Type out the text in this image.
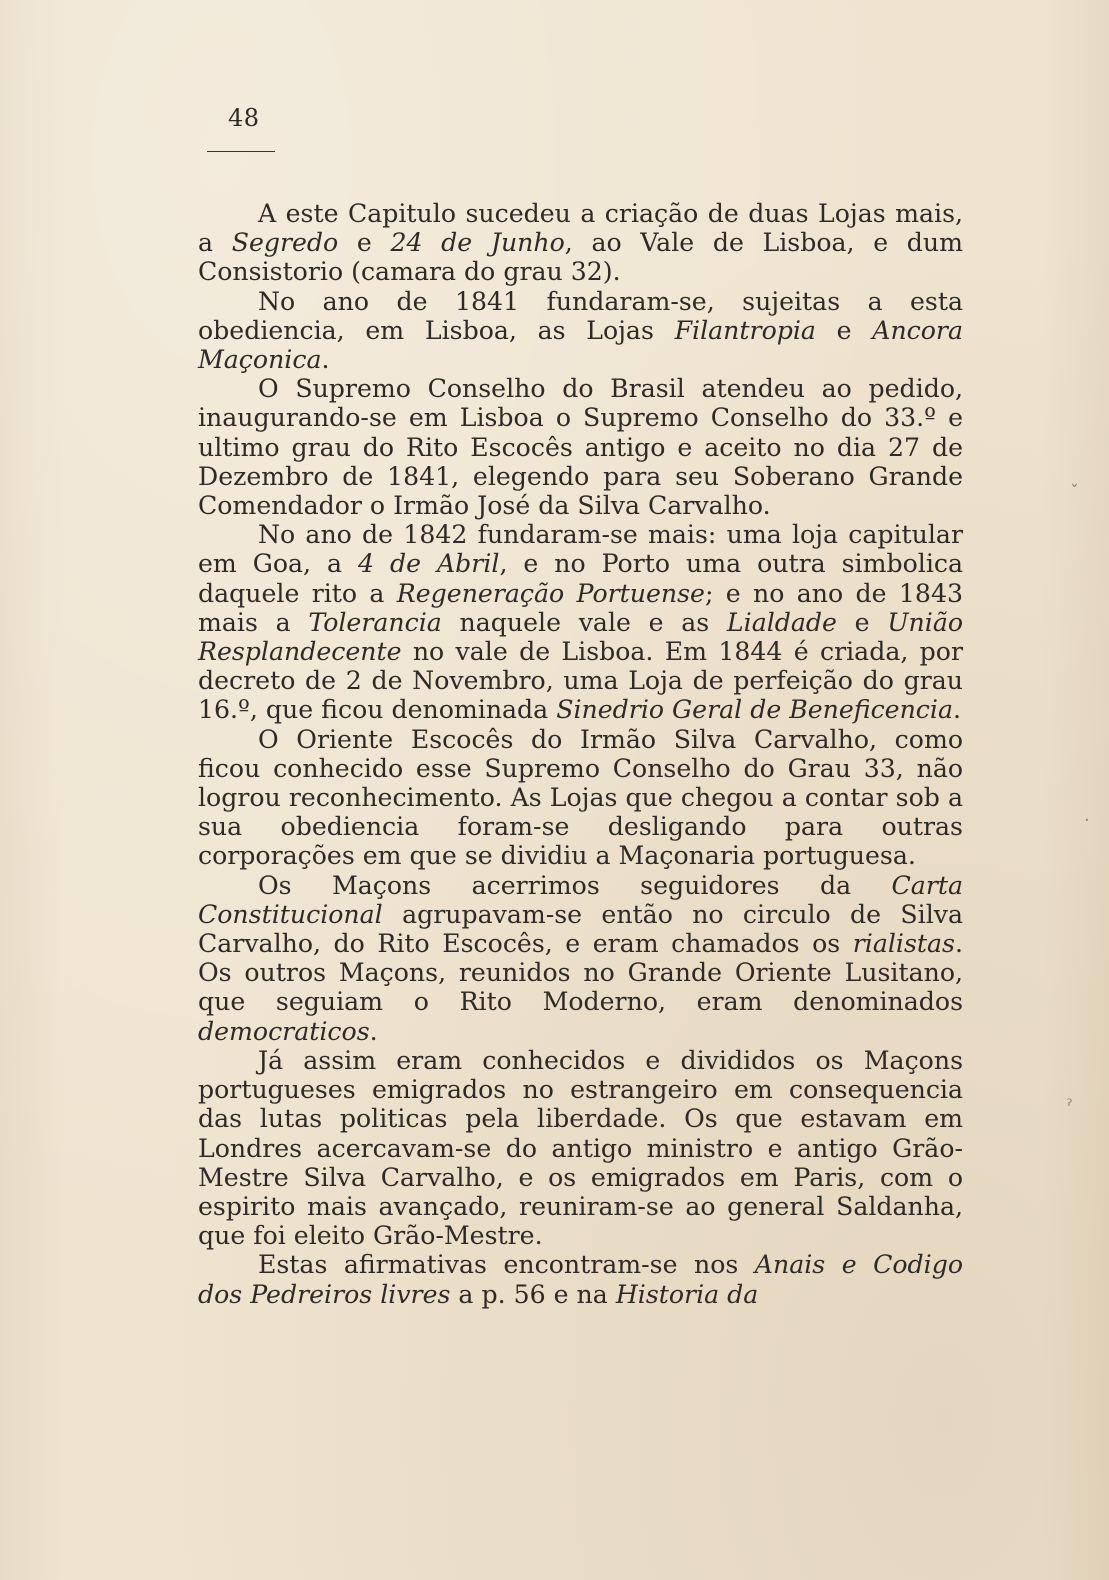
48

A este Capitulo sucedeu a criação de duas Lojas mais, a Segredo e 24 de Junho, ao Vale de Lisboa, e dum Consistorio (camara do grau 32).

No ano de 1841 fundaram-se, sujeitas a esta obediencia, em Lisboa, as Lojas Filantropia e Ancora Maçonica.

O Supremo Conselho do Brasil atendeu ao pedido, inaugurando-se em Lisboa o Supremo Conselho do 33.º e ultimo grau do Rito Escocês antigo e aceito no dia 27 de Dezembro de 1841, elegendo para seu Soberano Grande Comendador o Irmão José da Silva Carvalho.

No ano de 1842 fundaram-se mais: uma loja capitular em Goa, a 4 de Abril, e no Porto uma outra simbolica daquele rito a Regeneração Portuense; e no ano de 1843 mais a Tolerancia naquele vale e as Lialdade e União Resplandecente no vale de Lisboa. Em 1844 é criada, por decreto de 2 de Novembro, uma Loja de perfeição do grau 16.º, que ficou denominada Sinedrio Geral de Beneficencia.

O Oriente Escocês do Irmão Silva Carvalho, como ficou conhecido esse Supremo Conselho do Grau 33, não logrou reconhecimento. As Lojas que chegou a contar sob a sua obediencia foram-se desligando para outras corporações em que se dividiu a Maçonaria portuguesa.

Os Maçons acerrimos seguidores da Carta Constitucional agrupavam-se então no circulo de Silva Carvalho, do Rito Escocês, e eram chamados os rialistas. Os outros Maçons, reunidos no Grande Oriente Lusitano, que seguiam o Rito Moderno, eram denominados democraticos.

Já assim eram conhecidos e divididos os Maçons portugueses emigrados no estrangeiro em consequencia das lutas politicas pela liberdade. Os que estavam em Londres acercavam-se do antigo ministro e antigo Grão-Mestre Silva Carvalho, e os emigrados em Paris, com o espirito mais avançado, reuniram-se ao general Saldanha, que foi eleito Grão-Mestre.

Estas afirmativas encontram-se nos Anais e Codigo dos Pedreiros livres a p. 56 e na Historia da

ˇ
·
ˀ
